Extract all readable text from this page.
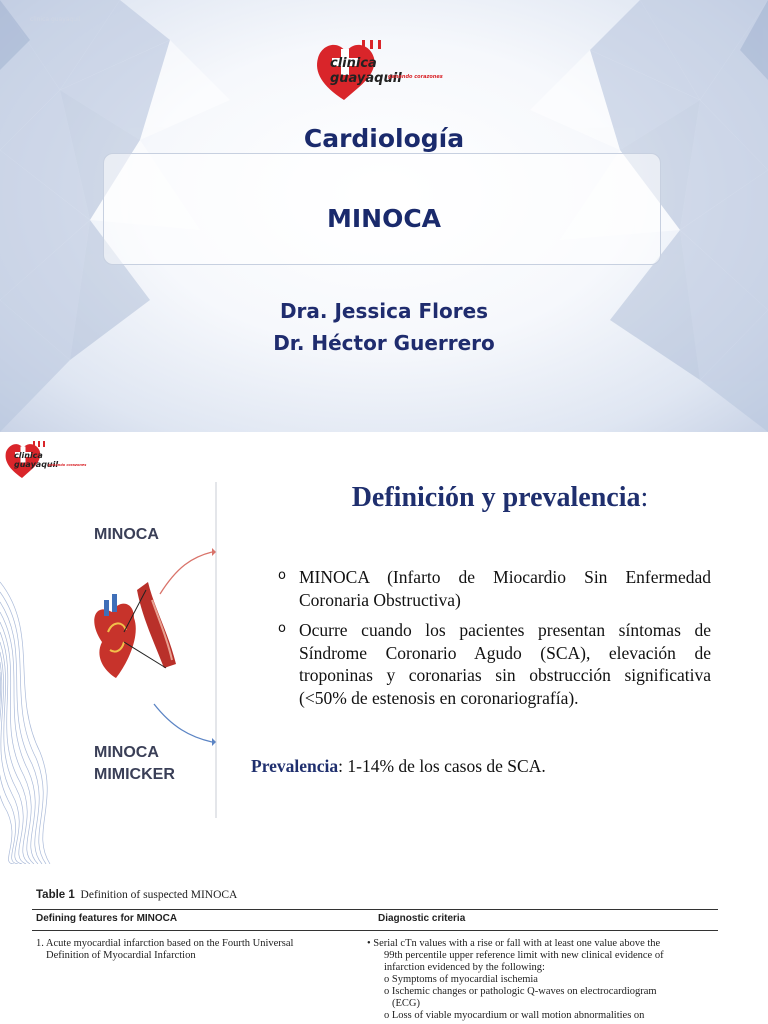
clinica guayaquil
clinica guayaquil
ganando corazones
Cardiología
MINOCA
Dra. Jessica Flores
Dr. Héctor Guerrero
clinica guayaquil
ganando corazones
MINOCA
MINOCA
MIMICKER
Definición y prevalencia:
o MINOCA (Infarto de Miocardio Sin Enfermedad Coronaria Obstructiva)
o Ocurre cuando los pacientes presentan síntomas de Síndrome Coronario Agudo (SCA), elevación de troponinas y coronarias sin obstrucción significativa (<50% de estenosis en coronariografía).
Prevalencia: 1-14% de los casos de SCA.
Table 1 Definition of suspected MINOCA
Defining features for MINOCA	Diagnostic criteria
1. Acute myocardial infarction based on the Fourth Universal
Definition of Myocardial Infarction
• Serial cTn values with a rise or fall with at least one value above the
99th percentile upper reference limit with new clinical evidence of
infarction evidenced by the following:
o Symptoms of myocardial ischemia
o Ischemic changes or pathologic Q-waves on electrocardiogram
(ECG)
o Loss of viable myocardium or wall motion abnormalities on
